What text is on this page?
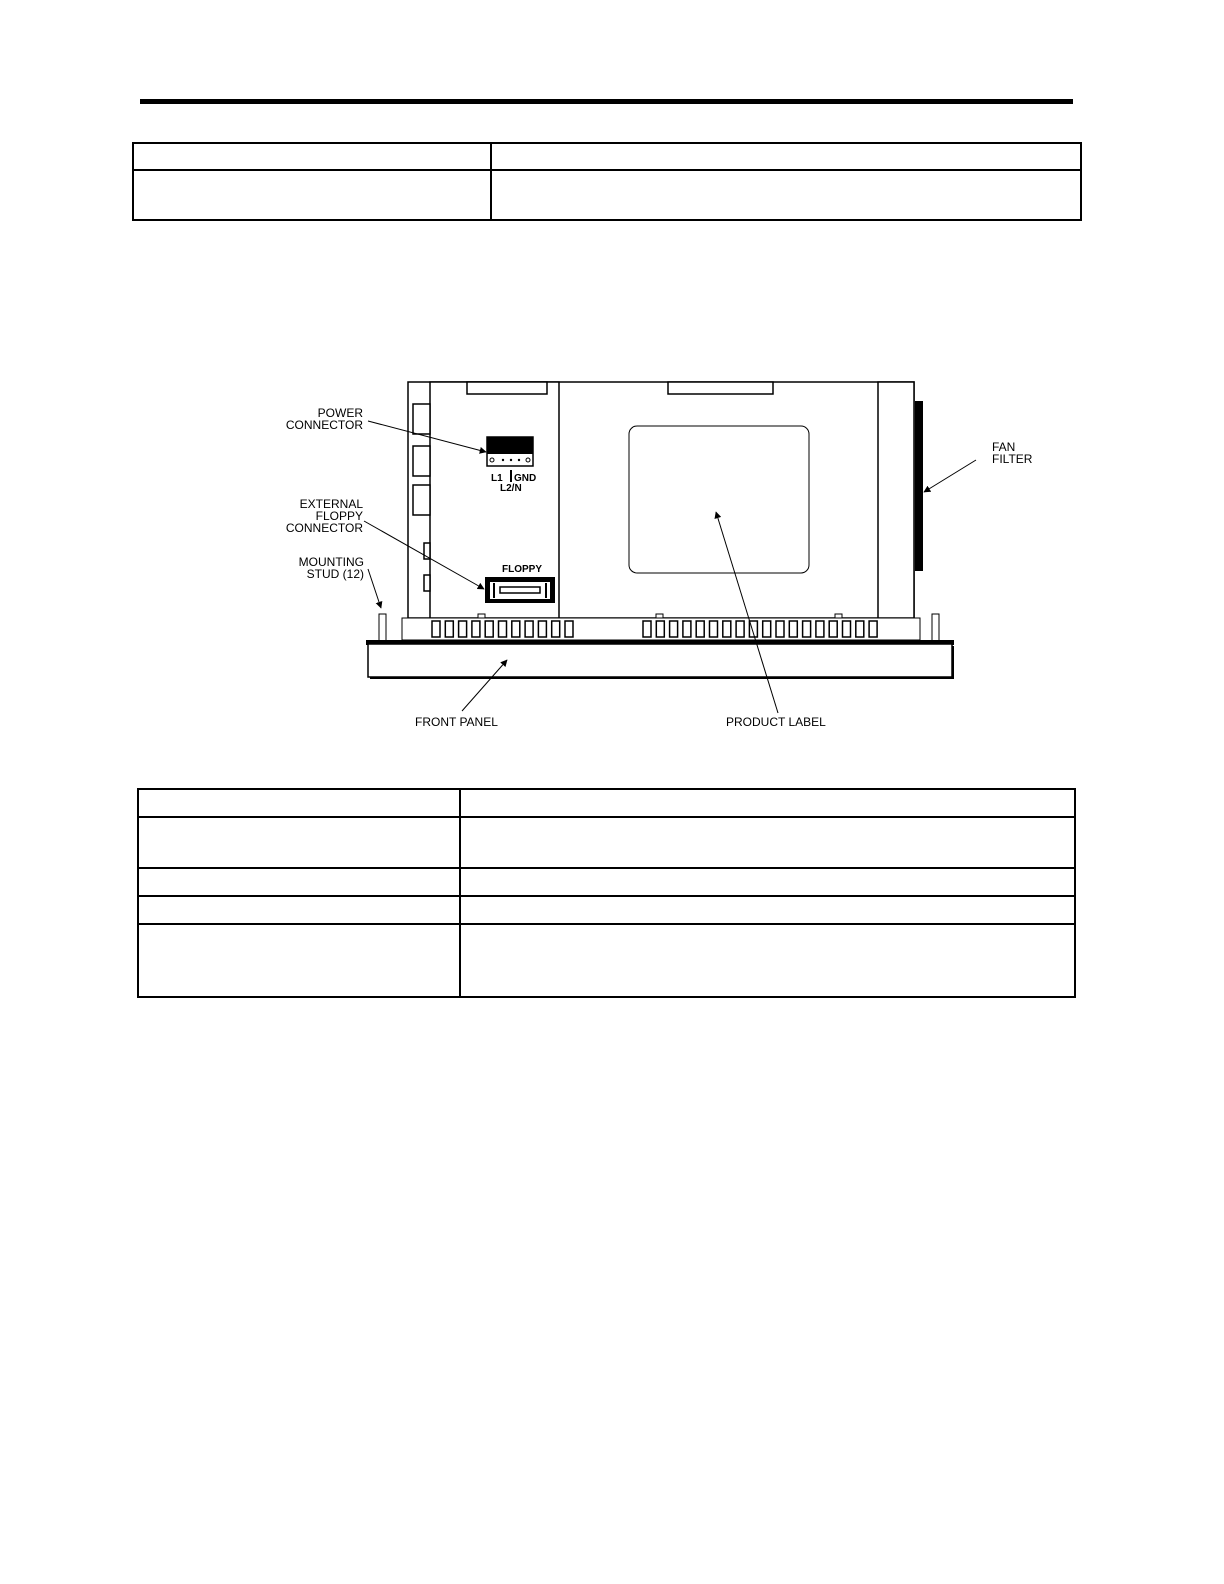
L1 GND
L2/N
FLOPPY
POWER
CONNECTOR
EXTERNAL
FLOPPY
CONNECTOR
MOUNTING
STUD (12)
FAN
FILTER
FRONT PANEL	PRODUCT LABEL
